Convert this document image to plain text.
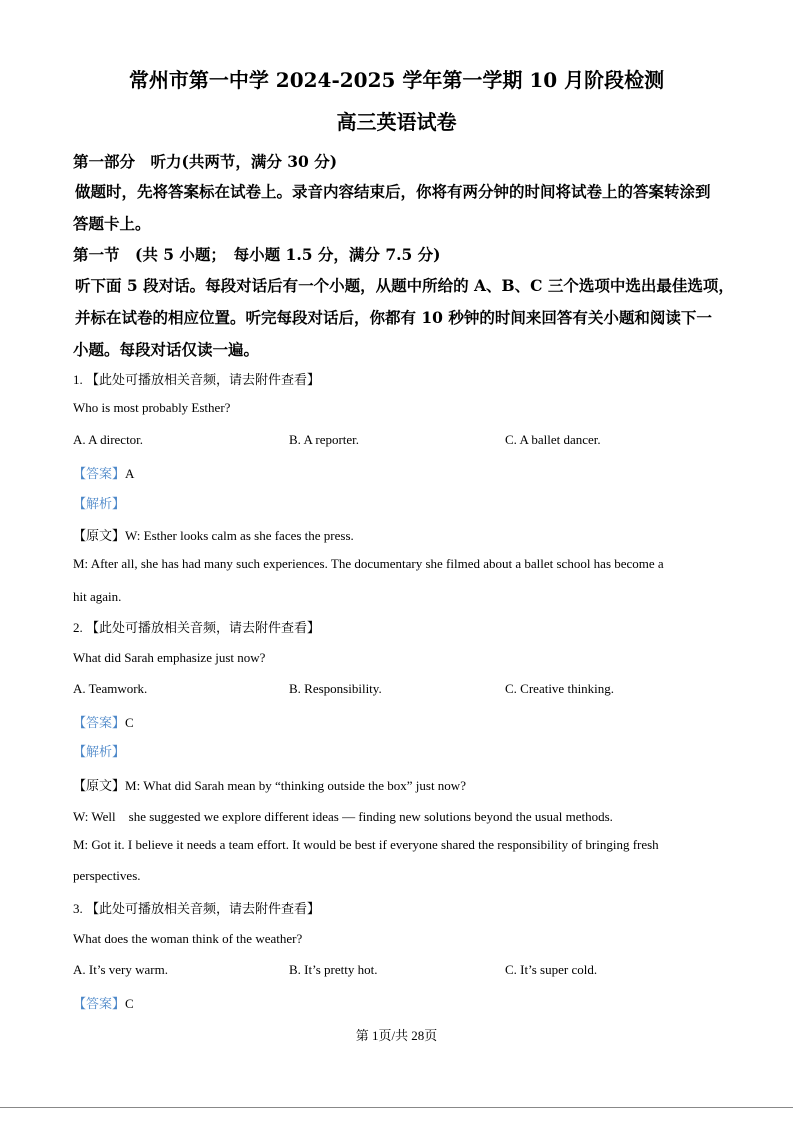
常州市第一中学 2024-2025 学年第一学期 10 月阶段检测
高三英语试卷
第一部分　听力(共两节，满分 30 分)
做题时，先将答案标在试卷上。录音内容结束后，你将有两分钟的时间将试卷上的答案转涂到
答题卡上。
第一节　(共 5 小题；　每小题 1.5 分，满分 7.5 分)
听下面 5 段对话。每段对话后有一个小题，从题中所给的 A、B、C 三个选项中选出最佳选项，
并标在试卷的相应位置。听完每段对话后，你都有 10 秒钟的时间来回答有关小题和阅读下一
小题。每段对话仅读一遍。
1. 【此处可播放相关音频，请去附件查看】
Who is most probably Esther?
A. A director.	B. A reporter.	C. A ballet dancer.
【答案】A
【解析】
【原文】W: Esther looks calm as she faces the press.
M: After all, she has had many such experiences. The documentary she filmed about a ballet school has become a
hit again.
2. 【此处可播放相关音频，请去附件查看】
What did Sarah emphasize just now?
A. Teamwork.	B. Responsibility.	C. Creative thinking.
【答案】C
【解析】
【原文】M: What did Sarah mean by “thinking outside the box” just now?
W: Well　she suggested we explore different ideas — finding new solutions beyond the usual methods.
M: Got it. I believe it needs a team effort. It would be best if everyone shared the responsibility of bringing fresh
perspectives.
3. 【此处可播放相关音频，请去附件查看】
What does the woman think of the weather?
A. It’s very warm.	B. It’s pretty hot.	C. It’s super cold.
【答案】C
第 1页/共 28页
